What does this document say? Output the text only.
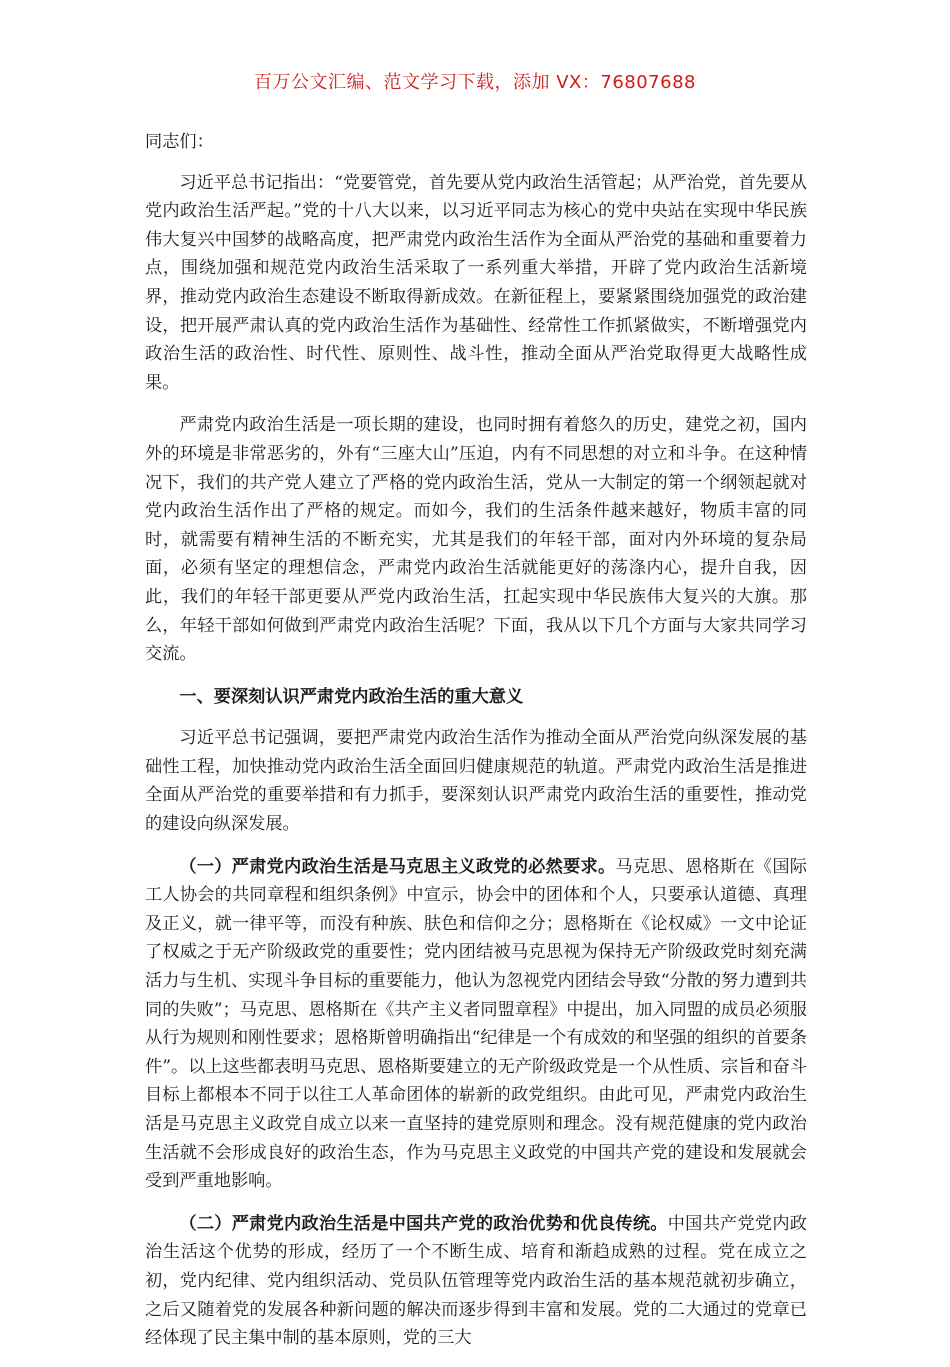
百万公文汇编、范文学习下载，添加 VX：76807688

同志们：

习近平总书记指出：“党要管党，首先要从党内政治生活管起；从严治党，首先要从党内政治生活严起。”党的十八大以来，以习近平同志为核心的党中央站在实现中华民族伟大复兴中国梦的战略高度，把严肃党内政治生活作为全面从严治党的基础和重要着力点，围绕加强和规范党内政治生活采取了一系列重大举措，开辟了党内政治生活新境界，推动党内政治生态建设不断取得新成效。在新征程上，要紧紧围绕加强党的政治建设，把开展严肃认真的党内政治生活作为基础性、经常性工作抓紧做实，不断增强党内政治生活的政治性、时代性、原则性、战斗性，推动全面从严治党取得更大战略性成果。

严肃党内政治生活是一项长期的建设，也同时拥有着悠久的历史，建党之初，国内外的环境是非常恶劣的，外有“三座大山”压迫，内有不同思想的对立和斗争。在这种情况下，我们的共产党人建立了严格的党内政治生活，党从一大制定的第一个纲领起就对党内政治生活作出了严格的规定。而如今，我们的生活条件越来越好，物质丰富的同时，就需要有精神生活的不断充实，尤其是我们的年轻干部，面对内外环境的复杂局面，必须有坚定的理想信念，严肃党内政治生活就能更好的荡涤内心，提升自我，因此，我们的年轻干部更要从严党内政治生活，扛起实现中华民族伟大复兴的大旗。那么，年轻干部如何做到严肃党内政治生活呢？下面，我从以下几个方面与大家共同学习交流。

一、要深刻认识严肃党内政治生活的重大意义

习近平总书记强调，要把严肃党内政治生活作为推动全面从严治党向纵深发展的基础性工程，加快推动党内政治生活全面回归健康规范的轨道。严肃党内政治生活是推进全面从严治党的重要举措和有力抓手，要深刻认识严肃党内政治生活的重要性，推动党的建设向纵深发展。

（一）严肃党内政治生活是马克思主义政党的必然要求。马克思、恩格斯在《国际工人协会的共同章程和组织条例》中宣示，协会中的团体和个人，只要承认道德、真理及正义，就一律平等，而没有种族、肤色和信仰之分；恩格斯在《论权威》一文中论证了权威之于无产阶级政党的重要性；党内团结被马克思视为保持无产阶级政党时刻充满活力与生机、实现斗争目标的重要能力，他认为忽视党内团结会导致“分散的努力遭到共同的失败”；马克思、恩格斯在《共产主义者同盟章程》中提出，加入同盟的成员必须服从行为规则和刚性要求；恩格斯曾明确指出“纪律是一个有成效的和坚强的组织的首要条件”。以上这些都表明马克思、恩格斯要建立的无产阶级政党是一个从性质、宗旨和奋斗目标上都根本不同于以往工人革命团体的崭新的政党组织。由此可见，严肃党内政治生活是马克思主义政党自成立以来一直坚持的建党原则和理念。没有规范健康的党内政治生活就不会形成良好的政治生态，作为马克思主义政党的中国共产党的建设和发展就会受到严重地影响。

（二）严肃党内政治生活是中国共产党的政治优势和优良传统。中国共产党党内政治生活这个优势的形成，经历了一个不断生成、培育和渐趋成熟的过程。党在成立之初，党内纪律、党内组织活动、党员队伍管理等党内政治生活的基本规范就初步确立，之后又随着党的发展各种新问题的解决而逐步得到丰富和发展。党的二大通过的党章已经体现了民主集中制的基本原则，党的三大
